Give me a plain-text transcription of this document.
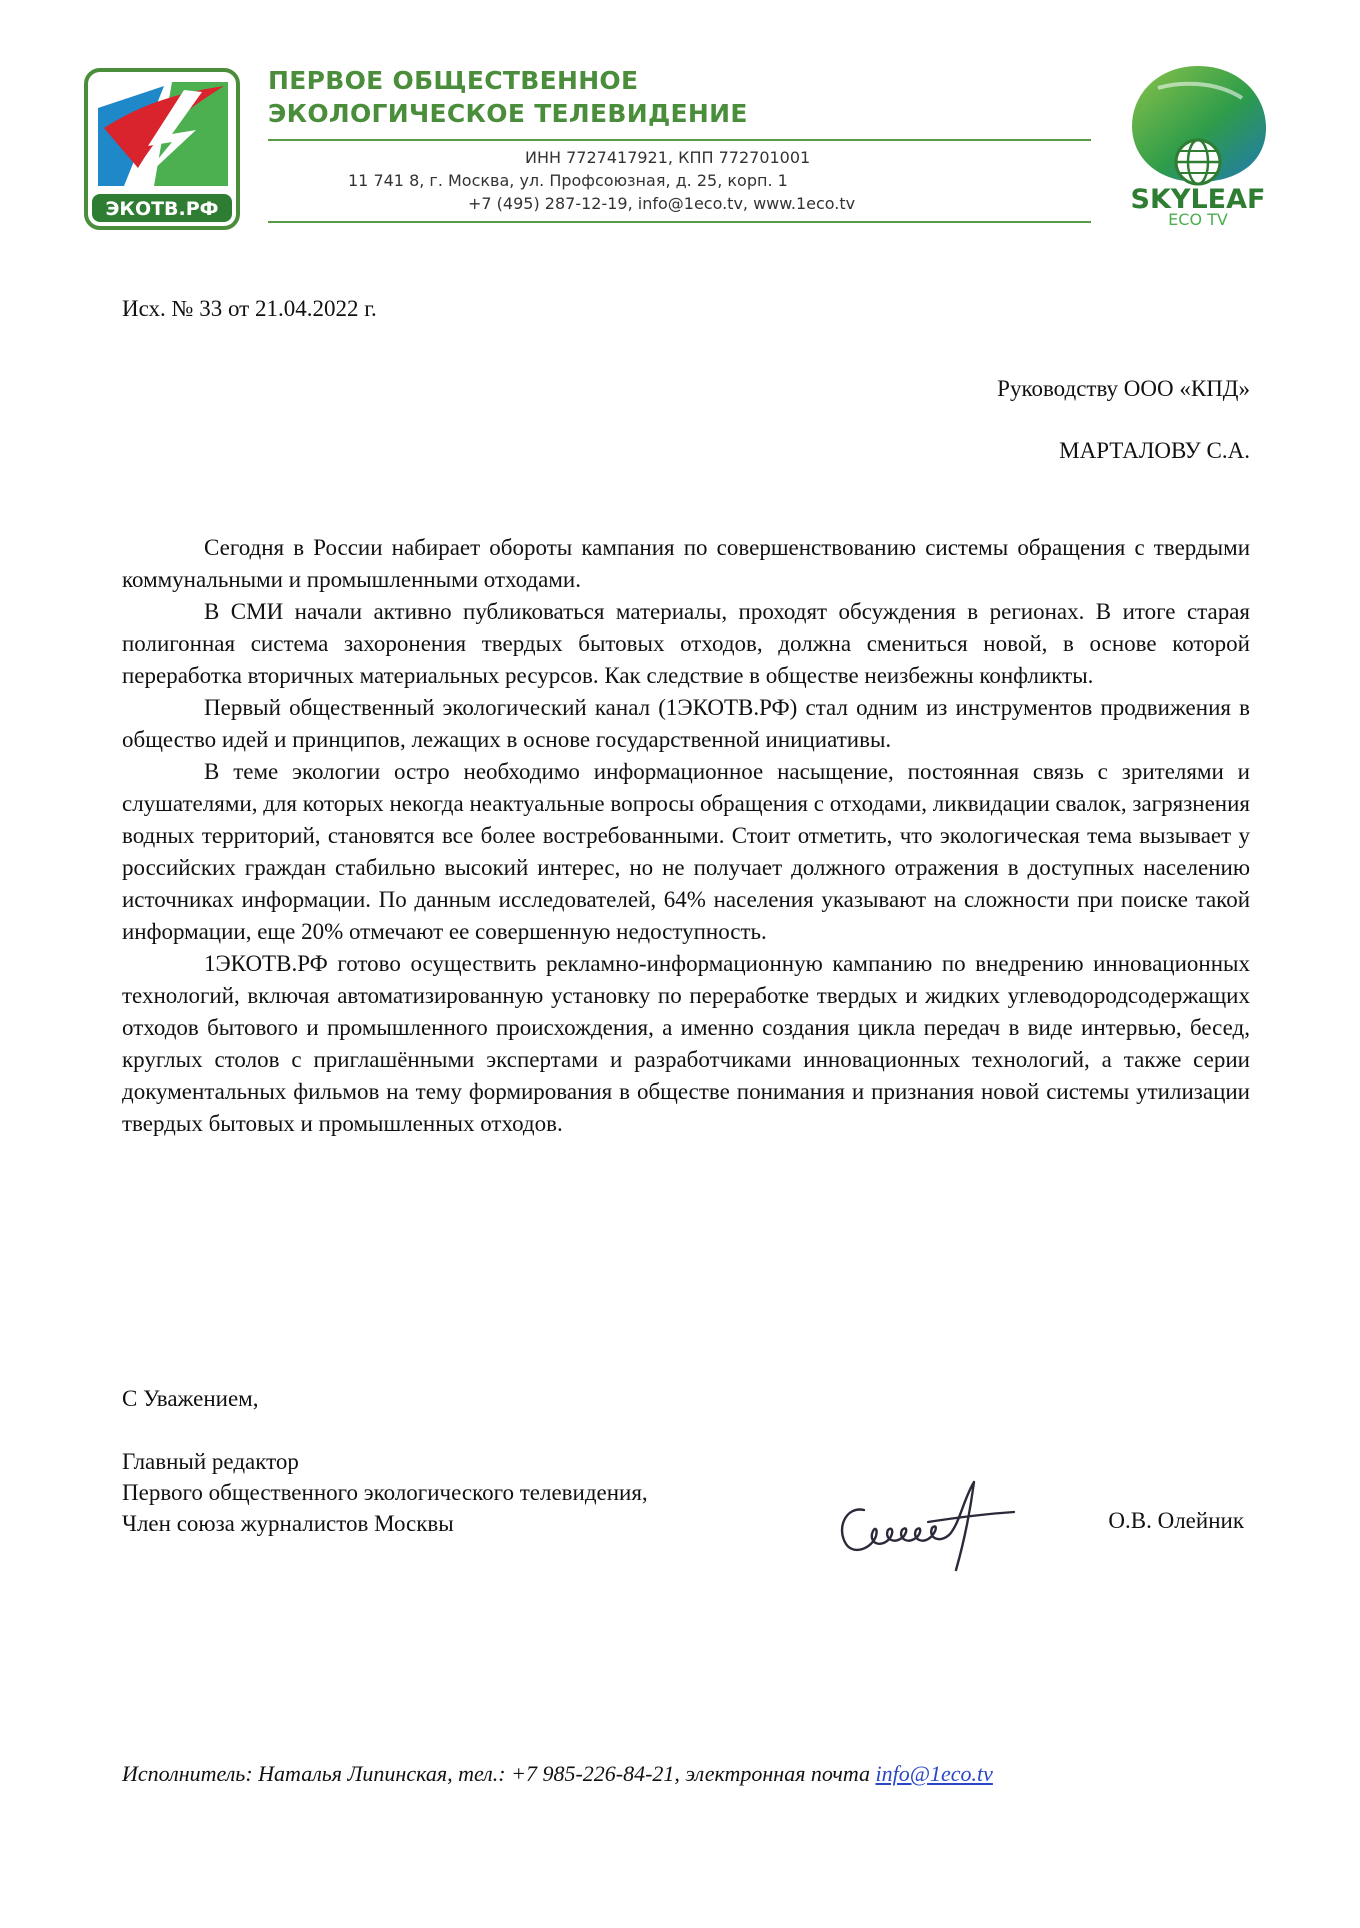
ЭКОТВ.РФ
ПЕРВОЕ ОБЩЕСТВЕННОЕ
ЭКОЛОГИЧЕСКОЕ ТЕЛЕВИДЕНИЕ
ИНН 7727417921, КПП 772701001
11 741 8, г. Москва, ул. Профсоюзная, д. 25, корп. 1
+7 (495) 287-12-19, info@1eco.tv, www.1eco.tv	SKYLEAF
ECO TV
Исх. № 33 от 21.04.2022 г.
Руководству ООО «КПД»
МАРТАЛОВУ С.А.

Сегодня в России набирает обороты кампания по совершенствованию системы обращения с твердыми коммунальными и промышленными отходами.

В СМИ начали активно публиковаться материалы, проходят обсуждения в регионах. В итоге старая полигонная система захоронения твердых бытовых отходов, должна смениться новой, в основе которой переработка вторичных материальных ресурсов. Как следствие в обществе неизбежны конфликты.

Первый общественный экологический канал (1ЭКОТВ.РФ) стал одним из инструментов продвижения в общество идей и принципов, лежащих в основе государственной инициативы.

В теме экологии остро необходимо информационное насыщение, постоянная связь с зрителями и слушателями, для которых некогда неактуальные вопросы обращения с отходами, ликвидации свалок, загрязнения водных территорий, становятся все более востребованными. Стоит отметить, что экологическая тема вызывает у российских граждан стабильно высокий интерес, но не получает должного отражения в доступных населению источниках информации. По данным исследователей, 64% населения указывают на сложности при поиске такой информации, еще 20% отмечают ее совершенную недоступность.

1ЭКОТВ.РФ готово осуществить рекламно-информационную кампанию по внедрению инновационных технологий, включая автоматизированную установку по переработке твердых и жидких углеводородсодержащих отходов бытового и промышленного происхождения, а именно создания цикла передач в виде интервью, бесед, круглых столов с приглашёнными экспертами и разработчиками инновационных технологий, а также серии документальных фильмов на тему формирования в обществе понимания и признания новой системы утилизации твердых бытовых и промышленных отходов.

С Уважением,
Главный редактор
Первого общественного экологического телевидения,
Член союза журналистов Москвы	О.В. Олейник
Исполнитель: Наталья Липинская, тел.: +7 985-226-84-21, электронная почта info@1eco.tv
